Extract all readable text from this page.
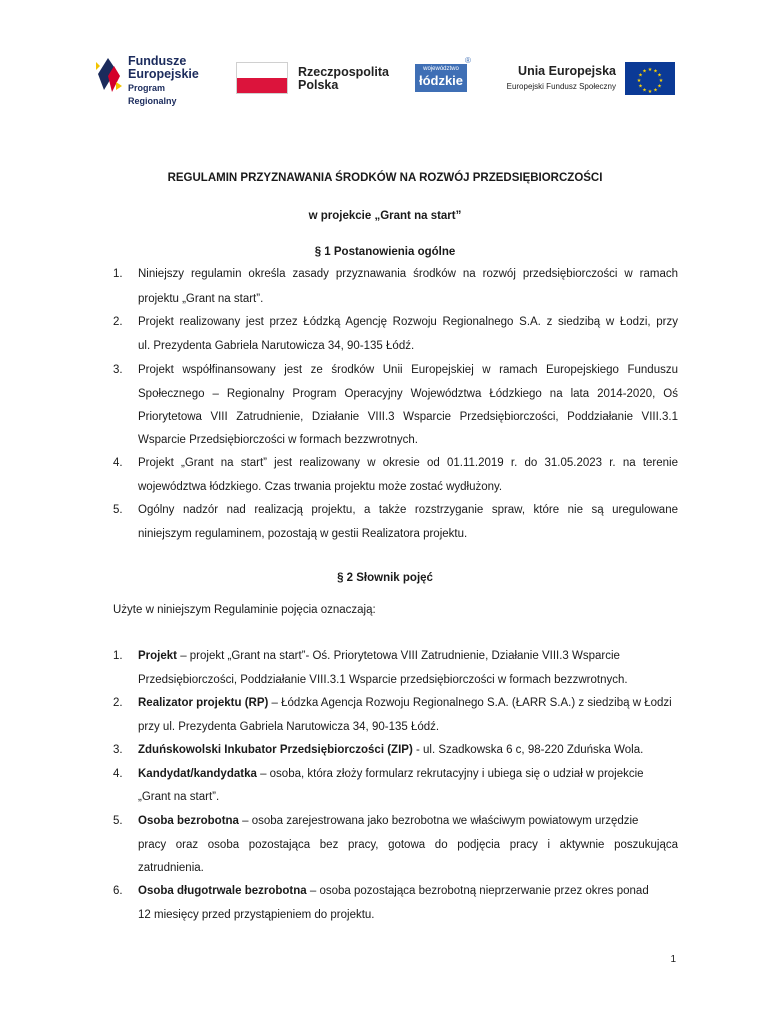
Fundusze
Europejskie
Program Regionalny
Rzeczpospolita
Polska
województwo
łódzkie
®
Unia Europejska
Europejski Fundusz Społeczny
★ ★
★
★
★
★
★
★
★
★
★
★
REGULAMIN PRZYZNAWANIA ŚRODKÓW NA ROZWÓJ PRZEDSIĘBIORCZOŚCI
w projekcie „Grant na start”
§ 1 Postanowienia ogólne
1. Niniejszy regulamin określa zasady przyznawania środków na rozwój przedsiębiorczości w ramach
projektu „Grant na start”.
2. Projekt realizowany jest przez Łódzką Agencję Rozwoju Regionalnego S.A. z siedzibą w Łodzi, przy
ul. Prezydenta Gabriela Narutowicza 34, 90-135 Łódź.
3. Projekt współfinansowany jest ze środków Unii Europejskiej w ramach Europejskiego Funduszu
Społecznego – Regionalny Program Operacyjny Województwa Łódzkiego na lata 2014-2020, Oś
Priorytetowa VIII Zatrudnienie, Działanie VIII.3 Wsparcie Przedsiębiorczości, Poddziałanie VIII.3.1
Wsparcie Przedsiębiorczości w formach bezzwrotnych.
4. Projekt „Grant na start” jest realizowany w okresie od 01.11.2019 r. do 31.05.2023 r. na terenie
województwa łódzkiego. Czas trwania projektu może zostać wydłużony.
5. Ogólny nadzór nad realizacją projektu, a także rozstrzyganie spraw, które nie są uregulowane
niniejszym regulaminem, pozostają w gestii Realizatora projektu.
§ 2 Słownik pojęć
Użyte w niniejszym Regulaminie pojęcia oznaczają:
1. Projekt – projekt „Grant na start”- Oś. Priorytetowa VIII Zatrudnienie, Działanie VIII.3 Wsparcie
Przedsiębiorczości, Poddziałanie VIII.3.1 Wsparcie przedsiębiorczości w formach bezzwrotnych.
2. Realizator projektu (RP) – Łódzka Agencja Rozwoju Regionalnego S.A. (ŁARR S.A.) z siedzibą w Łodzi
przy ul. Prezydenta Gabriela Narutowicza 34, 90-135 Łódź.
3. Zduńskowolski Inkubator Przedsiębiorczości (ZIP) - ul. Szadkowska 6 c, 98-220 Zduńska Wola.
4. Kandydat/kandydatka – osoba, która złoży formularz rekrutacyjny i ubiega się o udział w projekcie
„Grant na start”.
5. Osoba bezrobotna – osoba zarejestrowana jako bezrobotna we właściwym powiatowym urzędzie
pracy oraz osoba pozostająca bez pracy, gotowa do podjęcia pracy i aktywnie poszukująca
zatrudnienia.
6. Osoba długotrwale bezrobotna – osoba pozostająca bezrobotną nieprzerwanie przez okres ponad
12 miesięcy przed przystąpieniem do projektu.
1
